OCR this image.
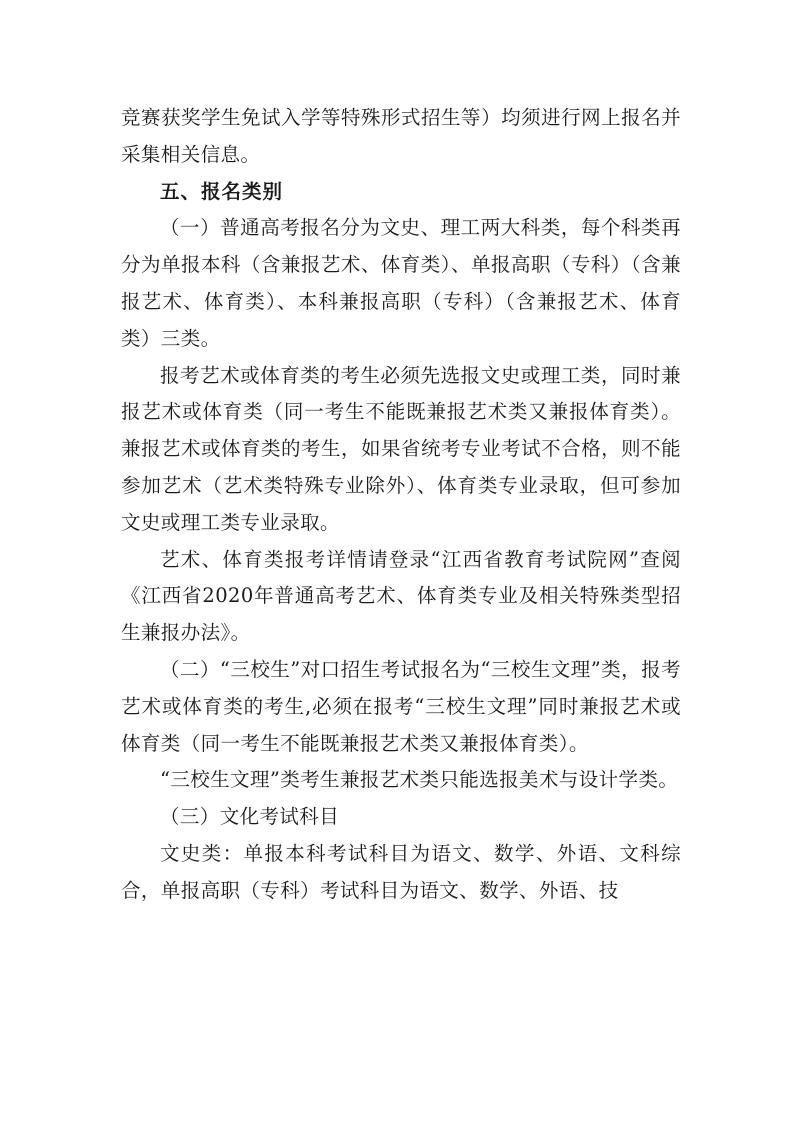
竞赛获奖学生免试入学等特殊形式招生等）均须进行网上报名并采集相关信息。

五、报名类别

（一）普通高考报名分为文史、理工两大科类，每个科类再分为单报本科（含兼报艺术、体育类）、单报高职（专科）（含兼报艺术、体育类）、本科兼报高职（专科）（含兼报艺术、体育类）三类。

报考艺术或体育类的考生必须先选报文史或理工类，同时兼报艺术或体育类（同一考生不能既兼报艺术类又兼报体育类）。兼报艺术或体育类的考生，如果省统考专业考试不合格，则不能参加艺术（艺术类特殊专业除外）、体育类专业录取，但可参加文史或理工类专业录取。

艺术、体育类报考详情请登录“江西省教育考试院网”查阅《江西省2020年普通高考艺术、体育类专业及相关特殊类型招生兼报办法》。

（二）“三校生”对口招生考试报名为“三校生文理”类，报考艺术或体育类的考生,必须在报考“三校生文理”同时兼报艺术或体育类（同一考生不能既兼报艺术类又兼报体育类）。

“三校生文理”类考生兼报艺术类只能选报美术与设计学类。

（三）文化考试科目

文史类：单报本科考试科目为语文、数学、外语、文科综合，单报高职（专科）考试科目为语文、数学、外语、技
